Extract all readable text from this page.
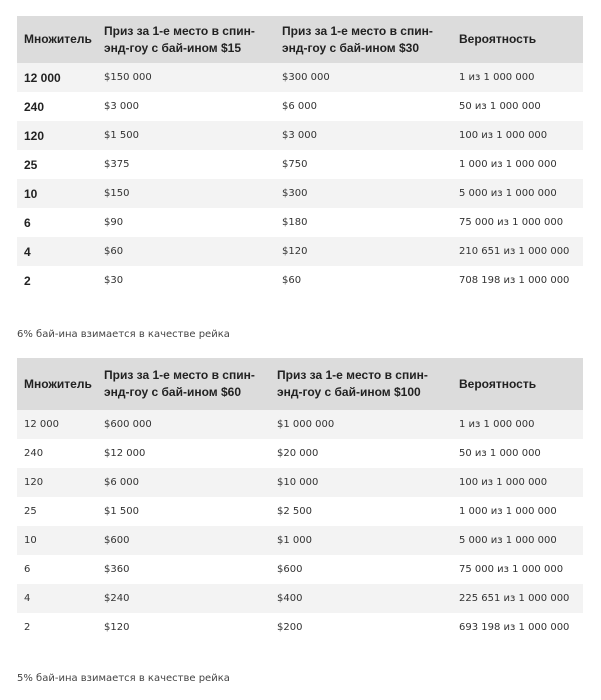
Множитель	Приз за 1-е место в спин-энд-гоу с бай-ином $15	Приз за 1-е место в спин-энд-гоу с бай-ином $30	Вероятность
12 000	$150 000	$300 000	1 из 1 000 000
240	$3 000	$6 000	50 из 1 000 000
120	$1 500	$3 000	100 из 1 000 000
25	$375	$750	1 000 из 1 000 000
10	$150	$300	5 000 из 1 000 000
6	$90	$180	75 000 из 1 000 000
4	$60	$120	210 651 из 1 000 000
2	$30	$60	708 198 из 1 000 000
6% бай-ина взимается в качестве рейка
Множитель	Приз за 1-е место в спин-энд-гоу с бай-ином $60	Приз за 1-е место в спин-энд-гоу с бай-ином $100	Вероятность
12 000	$600 000	$1 000 000	1 из 1 000 000
240	$12 000	$20 000	50 из 1 000 000
120	$6 000	$10 000	100 из 1 000 000
25	$1 500	$2 500	1 000 из 1 000 000
10	$600	$1 000	5 000 из 1 000 000
6	$360	$600	75 000 из 1 000 000
4	$240	$400	225 651 из 1 000 000
2	$120	$200	693 198 из 1 000 000
5% бай-ина взимается в качестве рейка
